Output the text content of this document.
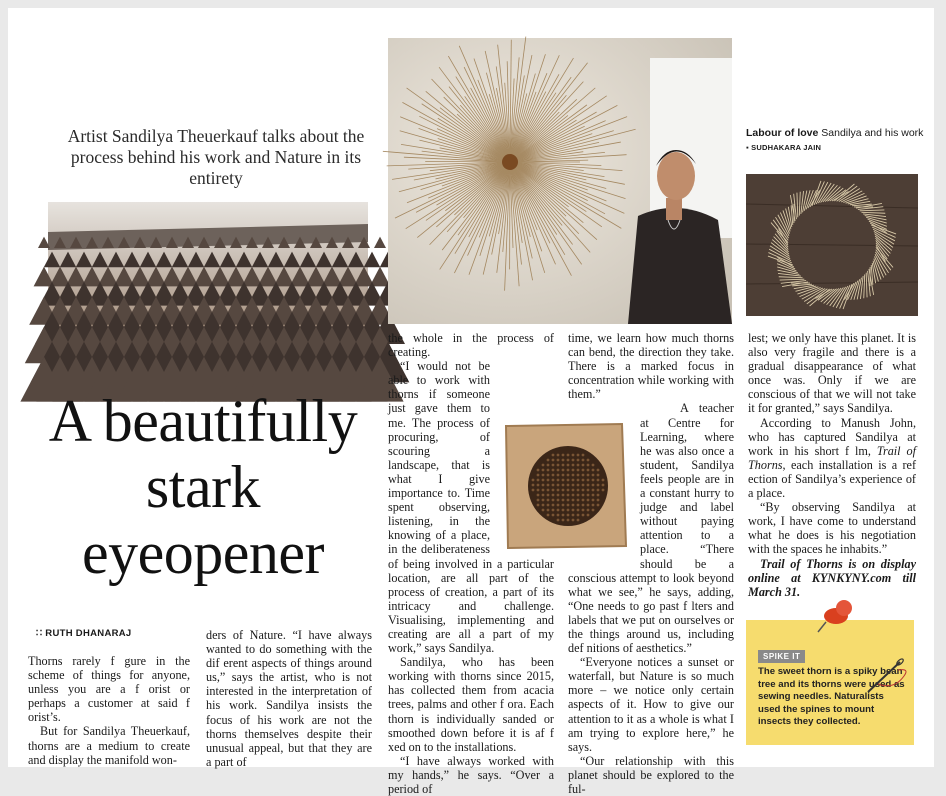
Artist Sandilya Theuerkauf talks about the process behind his work and Nature in its entirety
A beautifully
stark
eyeopener
∷ RUTH DHANARAJ

Thorns rarely f gure in the scheme of things for anyone, unless you are a f orist or perhaps a customer at said f orist’s.

But for Sandilya Theuerkauf, thorns are a medium to create and display the manifold won-

ders of Nature. “I have always wanted to do something with the dif erent aspects of things around us,” says the artist, who is not interested in the interpretation of his work. Sandilya insists the focus of his work are not the thorns themselves despite their unusual appeal, but that they are a part of

the whole in the process of creating.

“I would not be able to work with thorns if someone just gave them to me. The process of procuring, of scouring a landscape, that is what I give importance to. Time spent observing, listening, in the knowing of a place, in the deliberateness of being involved in a particular location, are all part of the process of creation, a part of its intricacy and challenge. Visualising, implementing and creating are all a part of my work,” says Sandilya.

Sandilya, who has been working with thorns since 2015, has collected them from acacia trees, palms and other f ora. Each thorn is individually sanded or smoothed down before it is af f xed on to the installations.

“I have always worked with my hands,” he says. “Over a period of

time, we learn how much thorns can bend, the direction they take. There is a marked focus in concentration while working with them.”

A teacher at Centre for Learning, where he was also once a student, Sandilya feels people are in a constant hurry to judge and label without paying attention to a place. “There should be a conscious attempt to look beyond what we see,” he says, adding, “One needs to go past f lters and labels that we put on ourselves or the things around us, including def nitions of aesthetics.”

“Everyone notices a sunset or waterfall, but Nature is so much more – we notice only certain aspects of it. How to give our attention to it as a whole is what I am trying to explore here,” he says.

“Our relationship with this planet should be explored to the ful-

Labour of love Sandilya and his work ▪ SUDHAKARA JAIN

lest; we only have this planet. It is also very fragile and there is a gradual disappearance of what once was. Only if we are conscious of that we will not take it for granted,” says Sandilya.

According to Manush John, who has captured Sandilya at work in his short f lm, Trail of Thorns, each installation is a ref ection of Sandilya’s experience of a place.

“By observing Sandilya at work, I have come to understand what he does is his negotiation with the spaces he inhabits.”

Trail of Thorns is on display online at KYNKYNY.com till March 31.

SPIKE IT
The sweet thorn is a spiky bean tree and its thorns were used as sewing needles. Naturalists used the spines to mount insects they collected.
